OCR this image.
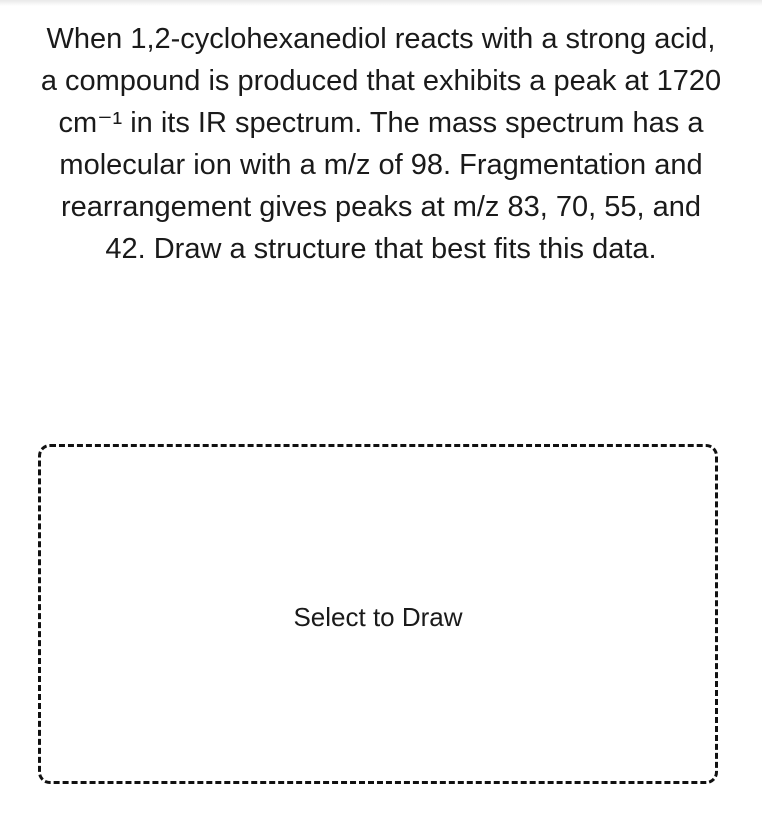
When 1,2-cyclohexanediol reacts with a strong acid, a compound is produced that exhibits a peak at 1720 cm⁻¹ in its IR spectrum. The mass spectrum has a molecular ion with a m/z of 98. Fragmentation and rearrangement gives peaks at m/z 83, 70, 55, and 42. Draw a structure that best fits this data.

Select to Draw
